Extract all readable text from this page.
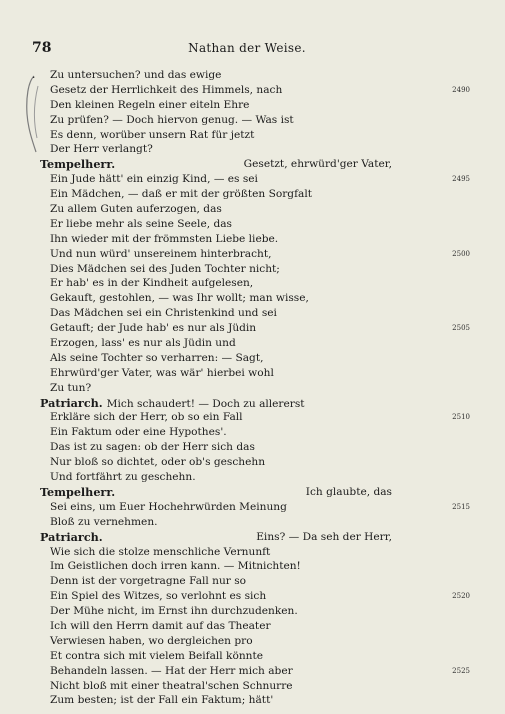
78	Nathan der Weise.
. Zu untersuchen? und das ewige
Gesetz der Herrlichkeit des Himmels, nach	2490
Den kleinen Regeln einer eiteln Ehre
Zu prüfen? — Doch hiervon genug. — Was ist
Es denn, worüber unsern Rat für jetzt
Der Herr verlangt?
Tempelherr.	Gesetzt, ehrwürd'ger Vater,
Ein Jude hätt' ein einzig Kind, — es sei	2495
Ein Mädchen, — daß er mit der größten Sorgfalt
Zu allem Guten auferzogen, das
Er liebe mehr als seine Seele, das
Ihn wieder mit der frömmsten Liebe liebe.
Und nun würd' unsereinem hinterbracht,	2500
Dies Mädchen sei des Juden Tochter nicht;
Er hab' es in der Kindheit aufgelesen,
Gekauft, gestohlen, — was Ihr wollt; man wisse,
Das Mädchen sei ein Christenkind und sei
Getauft; der Jude hab' es nur als Jüdin	2505
Erzogen, lass' es nur als Jüdin und
Als seine Tochter so verharren: — Sagt,
Ehrwürd'ger Vater, was wär' hierbei wohl
Zu tun?
Patriarch. Mich schaudert! — Doch zu allererst
Erkläre sich der Herr, ob so ein Fall	2510
Ein Faktum oder eine Hypothes'.
Das ist zu sagen: ob der Herr sich das
Nur bloß so dichtet, oder ob's geschehn
Und fortfährt zu geschehn.
Tempelherr.	Ich glaubte, das
Sei eins, um Euer Hochehrwürden Meinung	2515
Bloß zu vernehmen.
Patriarch.	Eins? — Da seh der Herr,
Wie sich die stolze menschliche Vernunft
Im Geistlichen doch irren kann. — Mitnichten!
Denn ist der vorgetragne Fall nur so
Ein Spiel des Witzes, so verlohnt es sich	2520
Der Mühe nicht, im Ernst ihn durchzudenken.
Ich will den Herrn damit auf das Theater
Verwiesen haben, wo dergleichen pro
Et contra sich mit vielem Beifall könnte
Behandeln lassen. — Hat der Herr mich aber	2525
Nicht bloß mit einer theatral'schen Schnurre
Zum besten; ist der Fall ein Faktum; hätt'
